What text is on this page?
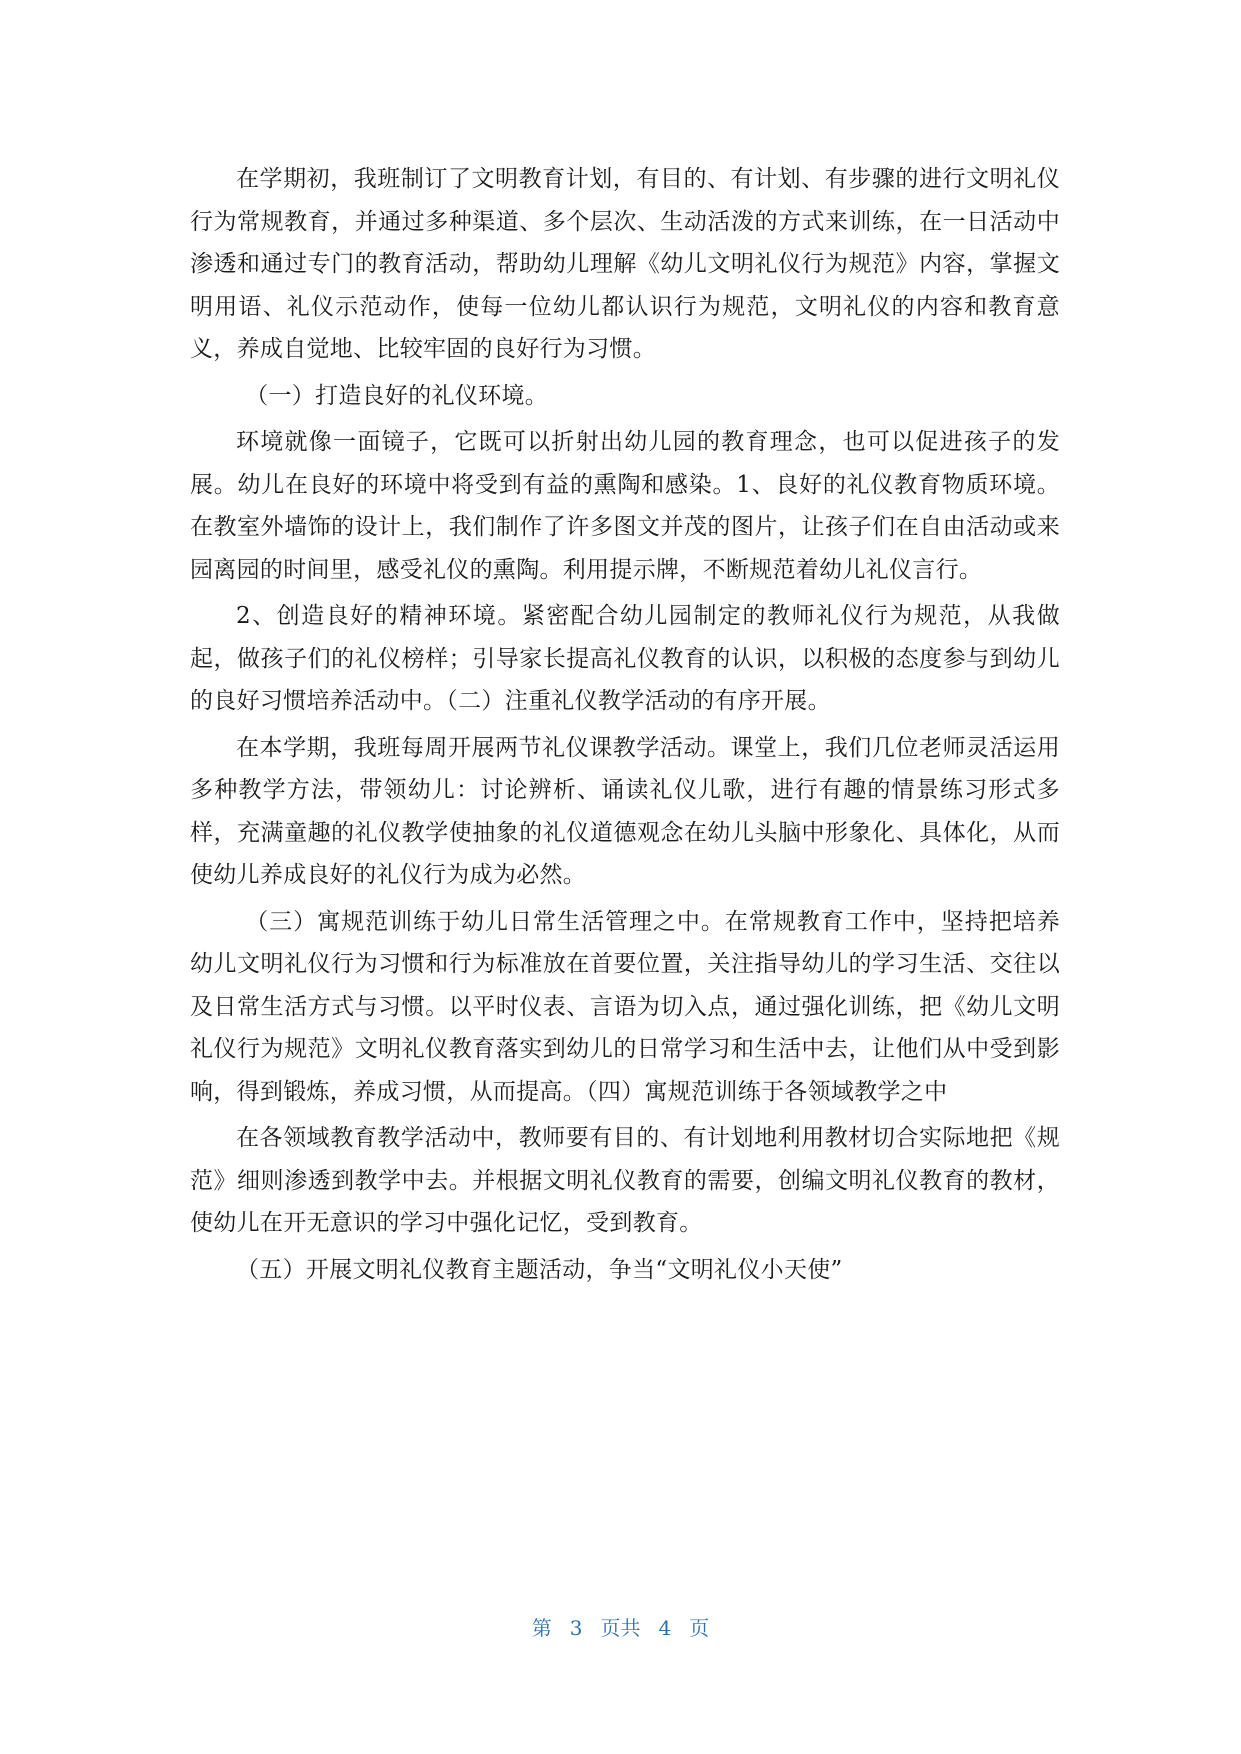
在学期初，我班制订了文明教育计划，有目的、有计划、有步骤的进行文明礼仪行为常规教育，并通过多种渠道、多个层次、生动活泼的方式来训练，在一日活动中渗透和通过专门的教育活动，帮助幼儿理解《幼儿文明礼仪行为规范》内容，掌握文明用语、礼仪示范动作，使每一位幼儿都认识行为规范，文明礼仪的内容和教育意义，养成自觉地、比较牢固的良好行为习惯。

（一）打造良好的礼仪环境。

环境就像一面镜子，它既可以折射出幼儿园的教育理念，也可以促进孩子的发展。幼儿在良好的环境中将受到有益的熏陶和感染。1、良好的礼仪教育物质环境。在教室外墙饰的设计上，我们制作了许多图文并茂的图片，让孩子们在自由活动或来园离园的时间里，感受礼仪的熏陶。利用提示牌，不断规范着幼儿礼仪言行。

2、创造良好的精神环境。紧密配合幼儿园制定的教师礼仪行为规范，从我做起，做孩子们的礼仪榜样；引导家长提高礼仪教育的认识，以积极的态度参与到幼儿的良好习惯培养活动中。（二）注重礼仪教学活动的有序开展。

在本学期，我班每周开展两节礼仪课教学活动。课堂上，我们几位老师灵活运用多种教学方法，带领幼儿：讨论辨析、诵读礼仪儿歌，进行有趣的情景练习形式多样，充满童趣的礼仪教学使抽象的礼仪道德观念在幼儿头脑中形象化、具体化，从而使幼儿养成良好的礼仪行为成为必然。

（三）寓规范训练于幼儿日常生活管理之中。在常规教育工作中，坚持把培养幼儿文明礼仪行为习惯和行为标准放在首要位置，关注指导幼儿的学习生活、交往以及日常生活方式与习惯。以平时仪表、言语为切入点，通过强化训练，把《幼儿文明礼仪行为规范》文明礼仪教育落实到幼儿的日常学习和生活中去，让他们从中受到影响，得到锻炼，养成习惯，从而提高。（四）寓规范训练于各领域教学之中

在各领域教育教学活动中，教师要有目的、有计划地利用教材切合实际地把《规范》细则渗透到教学中去。并根据文明礼仪教育的需要，创编文明礼仪教育的教材，使幼儿在开无意识的学习中强化记忆，受到教育。

（五）开展文明礼仪教育主题活动，争当“文明礼仪小天使”

第 3 页共 4 页
